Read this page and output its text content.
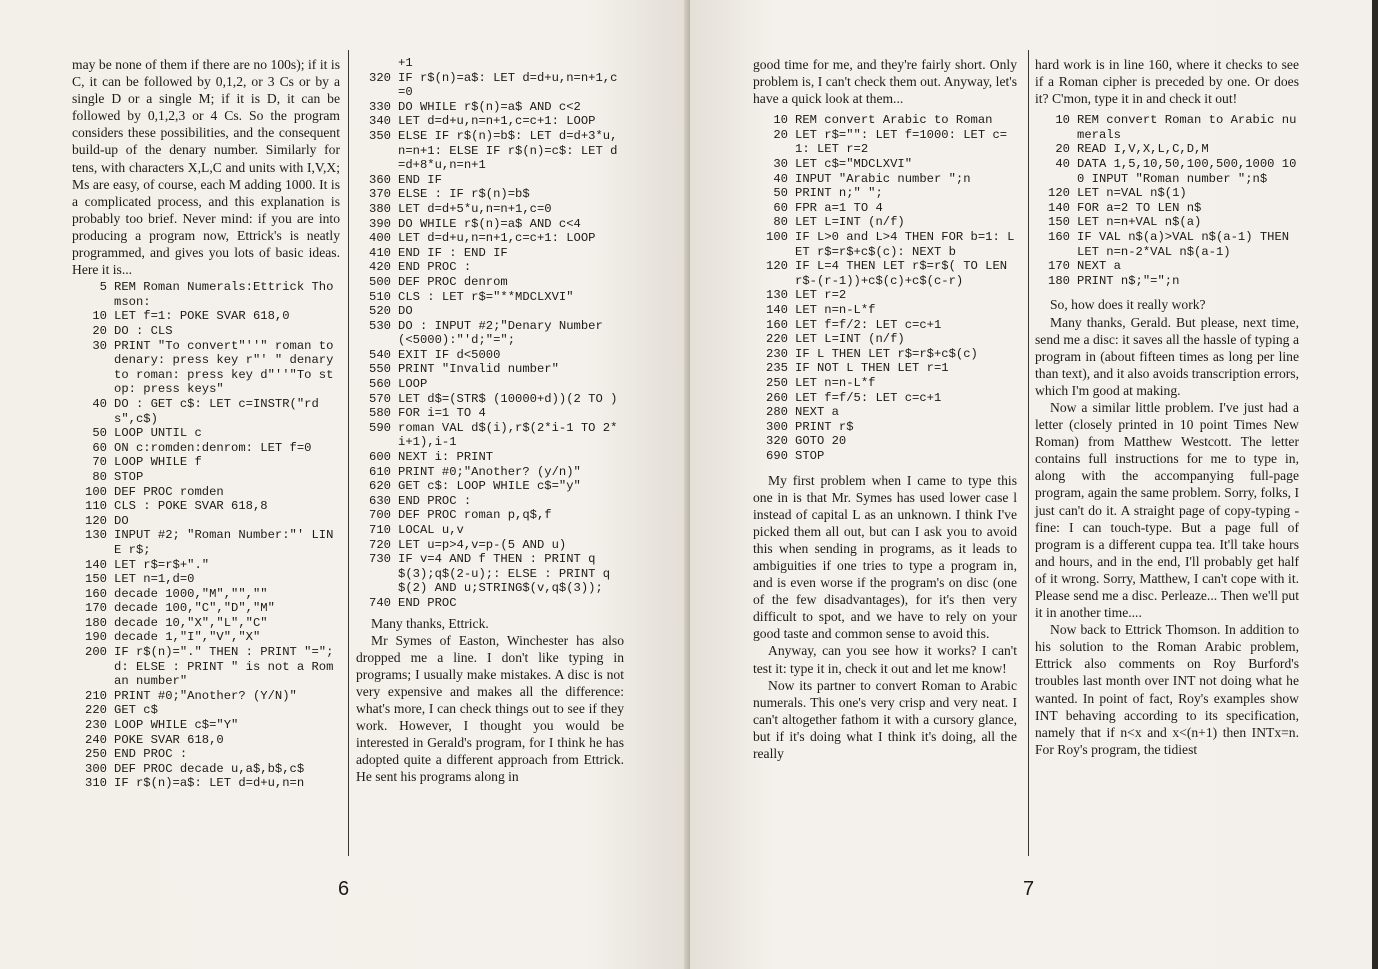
may be none of them if there are no 100s); if it is C, it can be followed by 0,1,2, or 3 Cs or by a single D or a single M; if it is D, it can be followed by 0,1,2,3 or 4 Cs. So the program considers these possibilities, and the consequent build-up of the denary number. Similarly for tens, with characters X,L,C and units with I,V,X; Ms are easy, of course, each M adding 1000. It is a complicated process, and this explanation is probably too brief. Never mind: if you are into producing a program now, Ettrick's is neatly programmed, and gives you lots of basic ideas. Here it is...

5 REM Roman Numerals:Ettrick Thomson:
10 LET f=1: POKE SVAR 618,0
20 DO : CLS
30 PRINT "To convert"''" roman to denary: press key r"' " denary to roman: press key d"''"To stop: press keys"
40 DO : GET c$: LET c=INSTR("rds",c$)
50 LOOP UNTIL c
60 ON c:romden:denrom: LET f=0
70 LOOP WHILE f
80 STOP
100 DEF PROC romden
110 CLS : POKE SVAR 618,8
120 DO
130 INPUT #2; "Roman Number:"' LINE r$;
140 LET r$=r$+"."
150 LET n=1,d=0
160 decade 1000,"M","",""
170 decade 100,"C","D","M"
180 decade 10,"X","L","C"
190 decade 1,"I","V","X"
200 IF r$(n)="." THEN : PRINT "=";d: ELSE : PRINT " is not a Roman number"
210 PRINT #0;"Another? (Y/N)"
220 GET c$
230 LOOP WHILE c$="Y"
240 POKE SVAR 618,0
250 END PROC :
300 DEF PROC decade u,a$,b$,c$
310 IF r$(n)=a$: LET d=d+u,n=n
+1
320 IF r$(n)=a$: LET d=d+u,n=n+1,c=0
330 DO WHILE r$(n)=a$ AND c<2
340 LET d=d+u,n=n+1,c=c+1: LOOP
350 ELSE IF r$(n)=b$: LET d=d+3*u,n=n+1: ELSE IF r$(n)=c$: LET d=d+8*u,n=n+1
360 END IF
370 ELSE : IF r$(n)=b$
380 LET d=d+5*u,n=n+1,c=0
390 DO WHILE r$(n)=a$ AND c<4
400 LET d=d+u,n=n+1,c=c+1: LOOP
410 END IF : END IF
420 END PROC :
500 DEF PROC denrom
510 CLS : LET r$="**MDCLXVI"
520 DO
530 DO : INPUT #2;"Denary Number (<5000):"'d;"=";
540 EXIT IF d<5000
550 PRINT "Invalid number"
560 LOOP
570 LET d$=(STR$ (10000+d))(2 TO )
580 FOR i=1 TO 4
590 roman VAL d$(i),r$(2*i-1 TO 2*i+1),i-1
600 NEXT i: PRINT
610 PRINT #0;"Another? (y/n)"
620 GET c$: LOOP WHILE c$="y"
630 END PROC :
700 DEF PROC roman p,q$,f
710 LOCAL u,v
720 LET u=p>4,v=p-(5 AND u)
730 IF v=4 AND f THEN : PRINT q$(3);q$(2-u);: ELSE : PRINT q$(2) AND u;STRING$(v,q$(3));
740 END PROC

Many thanks, Ettrick.

Mr Symes of Easton, Winchester has also dropped me a line. I don't like typing in programs; I usually make mistakes. A disc is not very expensive and makes all the difference: what's more, I can check things out to see if they work. However, I thought you would be interested in Gerald's program, for I think he has adopted quite a different approach from Ettrick. He sent his programs along in

6

good time for me, and they're fairly short. Only problem is, I can't check them out. Anyway, let's have a quick look at them...

10 REM convert Arabic to Roman
20 LET r$="": LET f=1000: LET c=1: LET r=2
30 LET c$="MDCLXVI"
40 INPUT "Arabic number ";n
50 PRINT n;" ";
60 FPR a=1 TO 4
80 LET L=INT (n/f)
100 IF L>0 and L>4 THEN FOR b=1: LET r$=r$+c$(c): NEXT b
120 IF L=4 THEN LET r$=r$( TO LEN r$-(r-1))+c$(c)+c$(c-r)
130 LET r=2
140 LET n=n-L*f
160 LET f=f/2: LET c=c+1
220 LET L=INT (n/f)
230 IF L THEN LET r$=r$+c$(c)
235 IF NOT L THEN LET r=1
250 LET n=n-L*f
260 LET f=f/5: LET c=c+1
280 NEXT a
300 PRINT r$
320 GOTO 20
690 STOP

My first problem when I came to type this one in is that Mr. Symes has used lower case l instead of capital L as an unknown. I think I've picked them all out, but can I ask you to avoid this when sending in programs, as it leads to ambiguities if one tries to type a program in, and is even worse if the program's on disc (one of the few disadvantages), for it's then very difficult to spot, and we have to rely on your good taste and common sense to avoid this.

Anyway, can you see how it works? I can't test it: type it in, check it out and let me know!

Now its partner to convert Roman to Arabic numerals. This one's very crisp and very neat. I can't altogether fathom it with a cursory glance, but if it's doing what I think it's doing, all the really

hard work is in line 160, where it checks to see if a Roman cipher is preceded by one. Or does it? C'mon, type it in and check it out!

10 REM convert Roman to Arabic numerals
20 READ I,V,X,L,C,D,M
40 DATA 1,5,10,50,100,500,1000 100 INPUT "Roman number ";n$
120 LET n=VAL n$(1)
140 FOR a=2 TO LEN n$
150 LET n=n+VAL n$(a)
160 IF VAL n$(a)>VAL n$(a-1) THEN LET n=n-2*VAL n$(a-1)
170 NEXT a
180 PRINT n$;"=";n

So, how does it really work?

Many thanks, Gerald. But please, next time, send me a disc: it saves all the hassle of typing a program in (about fifteen times as long per line than text), and it also avoids transcription errors, which I'm good at making.

Now a similar little problem. I've just had a letter (closely printed in 10 point Times New Roman) from Matthew Westcott. The letter contains full instructions for me to type in, along with the accompanying full-page program, again the same problem. Sorry, folks, I just can't do it. A straight page of copy-typing - fine: I can touch-type. But a page full of program is a different cuppa tea. It'll take hours and hours, and in the end, I'll probably get half of it wrong. Sorry, Matthew, I can't cope with it. Please send me a disc. Perleaze... Then we'll put it in another time....

Now back to Ettrick Thomson. In addition to his solution to the Roman Arabic problem, Ettrick also comments on Roy Burford's troubles last month over INT not doing what he wanted. In point of fact, Roy's examples show INT behaving according to its specification, namely that if n<x and x<(n+1) then INTx=n. For Roy's program, the tidiest

7
